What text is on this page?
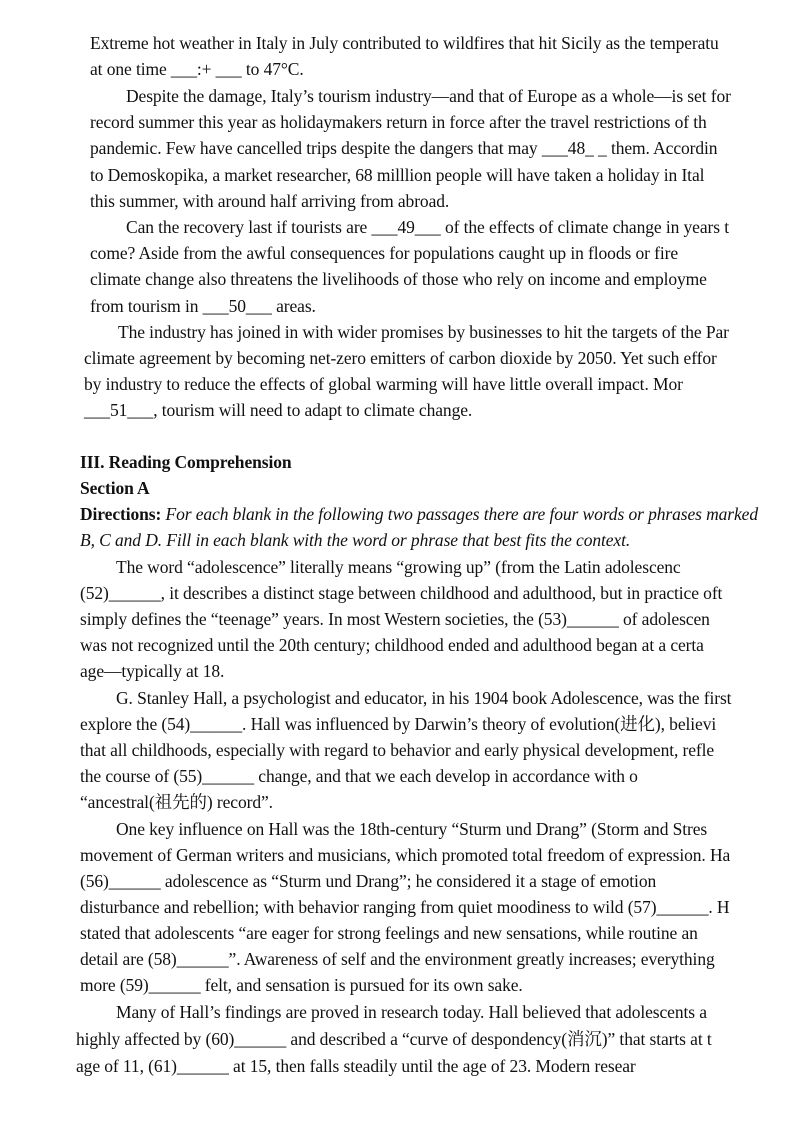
Extreme hot weather in Italy in July contributed to wildfires that hit Sicily as the temperatu
at one time ___:+ ___ to 47°C.
Despite the damage, Italy’s tourism industry—and that of Europe as a whole—is set for
record summer this year as holidaymakers return in force after the travel restrictions of th
pandemic. Few have cancelled trips despite the dangers that may ___48_ _ them. Accordin
to Demoskopika, a market researcher, 68 milllion people will have taken a holiday in Ital
this summer, with around half arriving from abroad.
Can the recovery last if tourists are ___49___ of the effects of climate change in years t
come? Aside from the awful consequences for populations caught up in floods or fire
climate change also threatens the livelihoods of those who rely on income and employme
from tourism in ___50___ areas.
The industry has joined in with wider promises by businesses to hit the targets of the Par
climate agreement by becoming net-zero emitters of carbon dioxide by 2050. Yet such effor
by industry to reduce the effects of global warming will have little overall impact. Mor
___51___, tourism will need to adapt to climate change.
III. Reading Comprehension
Section A
Directions: For each blank in the following two passages there are four words or phrases marked
B, C and D. Fill in each blank with the word or phrase that best fits the context.
The word “adolescence” literally means “growing up” (from the Latin adolescenc
(52)______, it describes a distinct stage between childhood and adulthood, but in practice oft
simply defines the “teenage” years. In most Western societies, the (53)______ of adolescen
was not recognized until the 20th century; childhood ended and adulthood began at a certa
age—typically at 18.
G. Stanley Hall, a psychologist and educator, in his 1904 book Adolescence, was the first
explore the (54)______. Hall was influenced by Darwin’s theory of evolution(进化), believi
that all childhoods, especially with regard to behavior and early physical development, refle
the course of (55)______ change, and that we each develop in accordance with o
“ancestral(祖先的) record”.
One key influence on Hall was the 18th-century “Sturm und Drang” (Storm and Stres
movement of German writers and musicians, which promoted total freedom of expression. Ha
(56)______ adolescence as “Sturm und Drang”; he considered it a stage of emotion
disturbance and rebellion; with behavior ranging from quiet moodiness to wild (57)______. H
stated that adolescents “are eager for strong feelings and new sensations, while routine an
detail are (58)______”. Awareness of self and the environment greatly increases; everything
more (59)______ felt, and sensation is pursued for its own sake.
Many of Hall’s findings are proved in research today. Hall believed that adolescents a
highly affected by (60)______ and described a “curve of despondency(消沉)” that starts at t
age of 11, (61)______ at 15, then falls steadily until the age of 23. Modern resear
